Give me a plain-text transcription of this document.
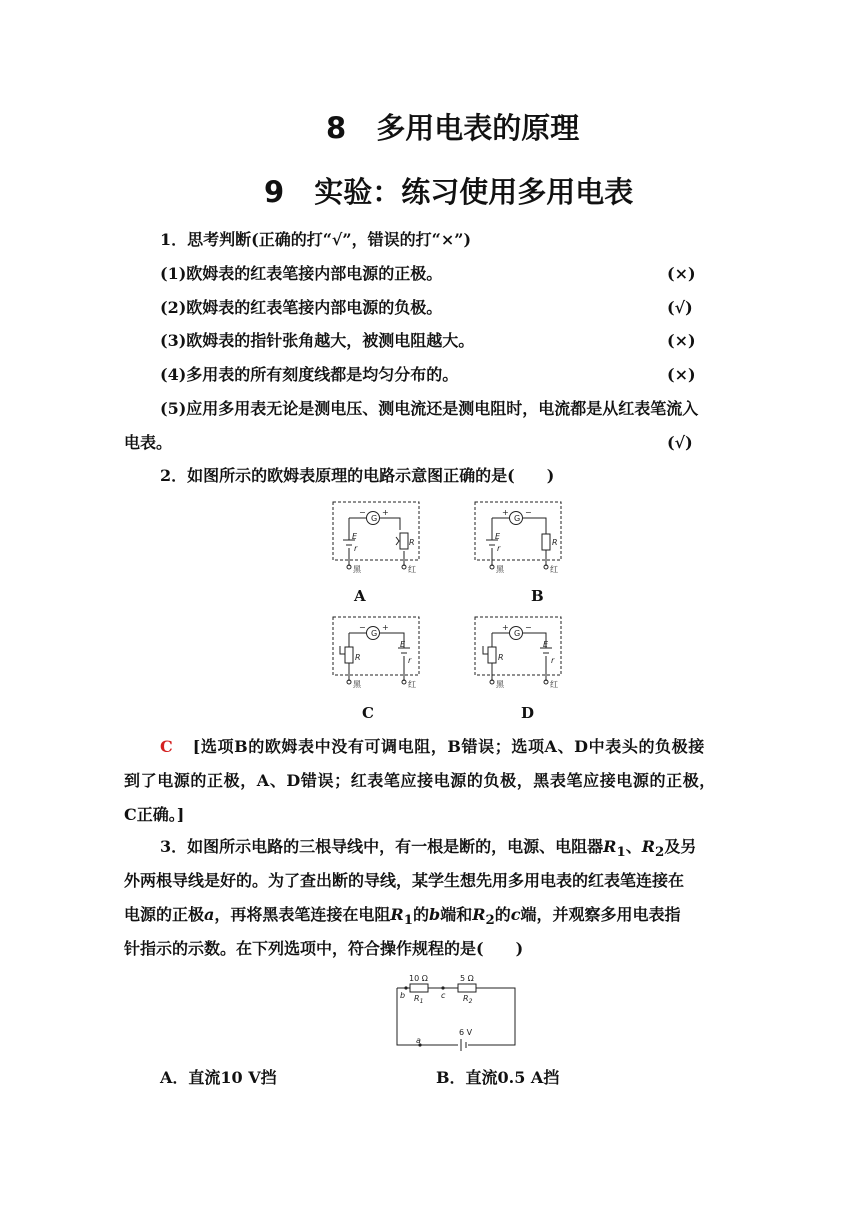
8 多用电表的原理
9 实验：练习使用多用电表
1．思考判断(正确的打“√”，错误的打“×”)
(1)欧姆表的红表笔接内部电源的正极。	(×)
(2)欧姆表的红表笔接内部电源的负极。	(√)
(3)欧姆表的指针张角越大，被测电阻越大。	(×)
(4)多用表的所有刻度线都是均匀分布的。	(×)
(5)应用多用表无论是测电压、测电流还是测电阻时，电流都是从红表笔流入
电表。	(√)
2．如图所示的欧姆表原理的电路示意图正确的是(　　)
G
− +
E
r
R
黑	红
G
+ −
E
r
R
黑	红
G
− +
R
E
r
黑	红
G
+ −
R
E
r
黑	红
10 Ω	5 Ω
$R_1$	$R_2$
b	c
a
6 V
A	B
C	D
C [选项B的欧姆表中没有可调电阻，B错误；选项A、D中表头的负极接
到了电源的正极，A、D错误；红表笔应接电源的负极，黑表笔应接电源的正极，
C正确。]
3．如图所示电路的三根导线中，有一根是断的，电源、电阻器$R_1$、$R_2$及另
外两根导线是好的。为了查出断的导线，某学生想先用多用电表的红表笔连接在
电源的正极a，再将黑表笔连接在电阻$R_1$的b端和$R_2$的c端，并观察多用电表指
针指示的示数。在下列选项中，符合操作规程的是(　　)
A．直流10 V挡	B．直流0.5 A挡
